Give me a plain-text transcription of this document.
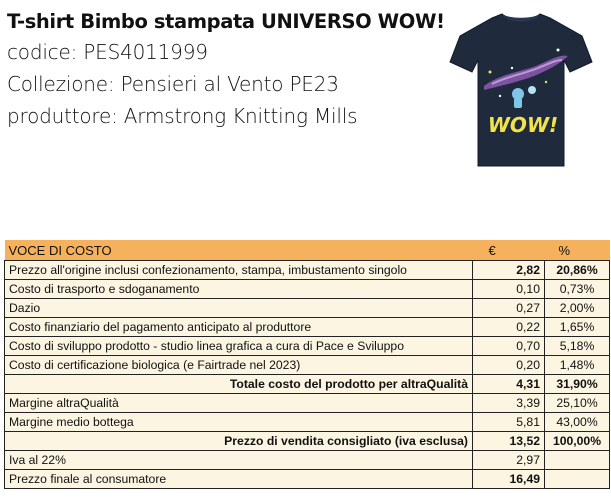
T-shirt Bimbo stampata UNIVERSO WOW!
codice: PES4011999
Collezione: Pensieri al Vento PE23
produttore: Armstrong Knitting Mills	WOW!
VOCE DI COSTO	€	%
Prezzo all'origine inclusi confezionamento, stampa, imbustamento singolo	2,82	20,86%
Costo di trasporto e sdoganamento	0,10	0,73%
Dazio	0,27	2,00%
Costo finanziario del pagamento anticipato al produttore	0,22	1,65%
Costo di sviluppo prodotto - studio linea grafica a cura di Pace e Sviluppo	0,70	5,18%
Costo di certificazione biologica (e Fairtrade nel 2023)	0,20	1,48%
Totale costo del prodotto per altraQualità	4,31	31,90%
Margine altraQualità	3,39	25,10%
Margine medio bottega	5,81	43,00%
Prezzo di vendita consigliato (iva esclusa)	13,52	100,00%
Iva al 22%	2,97	
Prezzo finale al consumatore	16,49	
